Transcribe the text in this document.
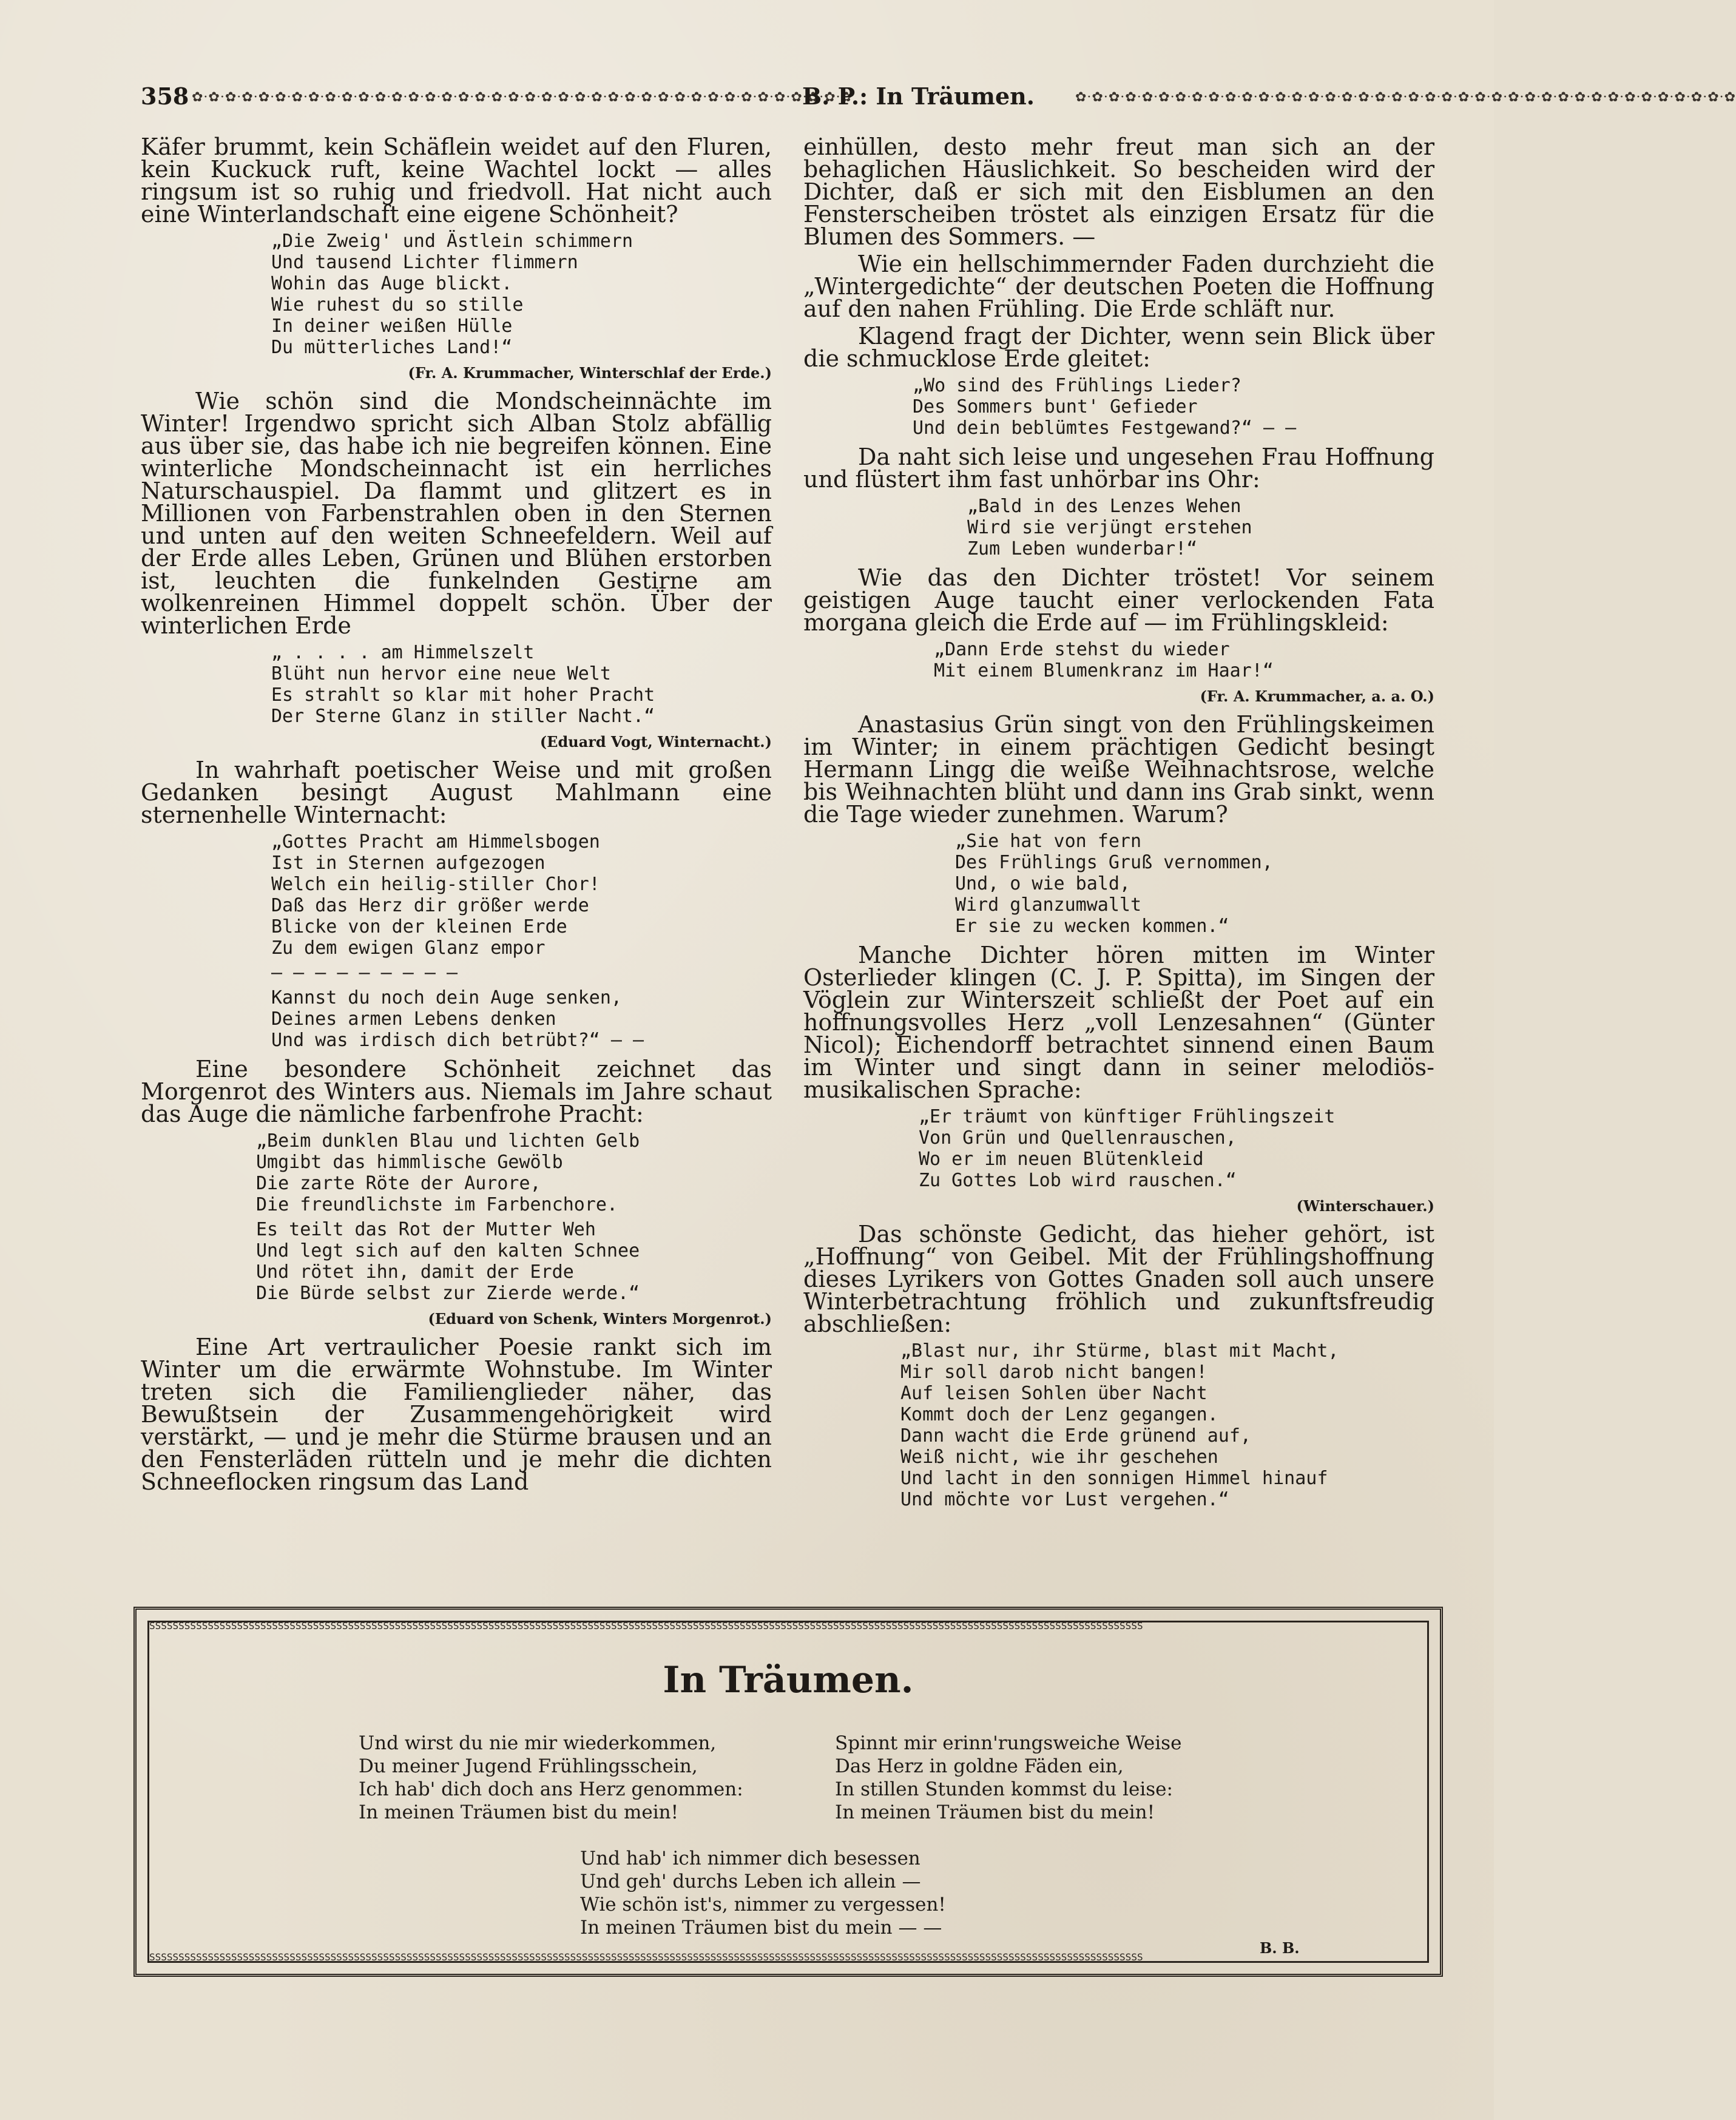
358 ✿·✿·✿·✿·✿·✿·✿·✿·✿·✿·✿·✿·✿·✿·✿·✿·✿·✿·✿·✿·✿·✿·✿·✿·✿·✿·✿·✿·✿·✿·✿·✿·✿·✿·✿·✿·✿·✿·✿·✿
B. P.: In Träumen.	✿·✿·✿·✿·✿·✿·✿·✿·✿·✿·✿·✿·✿·✿·✿·✿·✿·✿·✿·✿·✿·✿·✿·✿·✿·✿·✿·✿·✿·✿·✿·✿·✿·✿·✿·✿·✿·✿·✿·✿

Käfer brummt, kein Schäflein weidet auf den Fluren, kein Kuckuck ruft, keine Wachtel lockt — alles ringsum ist so ruhig und friedvoll. Hat nicht auch eine Winterlandschaft eine eigene Schönheit?

„Die Zweig' und Ästlein schimmern
Und tausend Lichter flimmern
Wohin das Auge blickt.
Wie ruhest du so stille
In deiner weißen Hülle
Du mütterliches Land!“
(Fr. A. Krummacher, Winterschlaf der Erde.)

Wie schön sind die Mondscheinnächte im Winter! Irgendwo spricht sich Alban Stolz abfällig aus über sie, das habe ich nie begreifen können. Eine winterliche Mondscheinnacht ist ein herrliches Naturschauspiel. Da flammt und glitzert es in Millionen von Farbenstrahlen oben in den Sternen und unten auf den weiten Schneefeldern. Weil auf der Erde alles Leben, Grünen und Blühen erstorben ist, leuchten die funkelnden Gestirne am wolkenreinen Himmel doppelt schön. Über der winterlichen Erde

„ . . . . am Himmelszelt
Blüht nun hervor eine neue Welt
Es strahlt so klar mit hoher Pracht
Der Sterne Glanz in stiller Nacht.“
(Eduard Vogt, Winternacht.)

In wahrhaft poetischer Weise und mit großen Gedanken besingt August Mahlmann eine sternenhelle Winternacht:

„Gottes Pracht am Himmelsbogen
Ist in Sternen aufgezogen
Welch ein heilig-stiller Chor!
Daß das Herz dir größer werde
Blicke von der kleinen Erde
Zu dem ewigen Glanz empor
— — — — — — — — —
Kannst du noch dein Auge senken,
Deines armen Lebens denken
Und was irdisch dich betrübt?“ — —

Eine besondere Schönheit zeichnet das Morgenrot des Winters aus. Niemals im Jahre schaut das Auge die nämliche farbenfrohe Pracht:

„Beim dunklen Blau und lichten Gelb
Umgibt das himmlische Gewölb
Die zarte Röte der Aurore,
Die freundlichste im Farbenchore.
Es teilt das Rot der Mutter Weh
Und legt sich auf den kalten Schnee
Und rötet ihn, damit der Erde
Die Bürde selbst zur Zierde werde.“
(Eduard von Schenk, Winters Morgenrot.)

Eine Art vertraulicher Poesie rankt sich im Winter um die erwärmte Wohnstube. Im Winter treten sich die Familienglieder näher, das Bewußtsein der Zusammengehörigkeit wird verstärkt, — und je mehr die Stürme brausen und an den Fensterläden rütteln und je mehr die dichten Schneeflocken ringsum das Land

einhüllen, desto mehr freut man sich an der behaglichen Häuslichkeit. So bescheiden wird der Dichter, daß er sich mit den Eisblumen an den Fensterscheiben tröstet als einzigen Ersatz für die Blumen des Sommers. —

Wie ein hellschimmernder Faden durchzieht die „Wintergedichte“ der deutschen Poeten die Hoffnung auf den nahen Frühling. Die Erde schläft nur.

Klagend fragt der Dichter, wenn sein Blick über die schmucklose Erde gleitet:

„Wo sind des Frühlings Lieder?
Des Sommers bunt' Gefieder
Und dein beblümtes Festgewand?“ — —

Da naht sich leise und ungesehen Frau Hoffnung und flüstert ihm fast unhörbar ins Ohr:

„Bald in des Lenzes Wehen
Wird sie verjüngt erstehen
Zum Leben wunderbar!“

Wie das den Dichter tröstet! Vor seinem geistigen Auge taucht einer verlockenden Fata morgana gleich die Erde auf — im Frühlingskleid:

„Dann Erde stehst du wieder
Mit einem Blumenkranz im Haar!“
(Fr. A. Krummacher, a. a. O.)

Anastasius Grün singt von den Frühlingskeimen im Winter; in einem prächtigen Gedicht besingt Hermann Lingg die weiße Weihnachtsrose, welche bis Weihnachten blüht und dann ins Grab sinkt, wenn die Tage wieder zunehmen. Warum?

„Sie hat von fern
Des Frühlings Gruß vernommen,
Und, o wie bald,
Wird glanzumwallt
Er sie zu wecken kommen.“

Manche Dichter hören mitten im Winter Osterlieder klingen (C. J. P. Spitta), im Singen der Vöglein zur Winterszeit schließt der Poet auf ein hoffnungsvolles Herz „voll Lenzesahnen“ (Günter Nicol); Eichendorff betrachtet sinnend einen Baum im Winter und singt dann in seiner melodiös-musikalischen Sprache:

„Er träumt von künftiger Frühlingszeit
Von Grün und Quellenrauschen,
Wo er im neuen Blütenkleid
Zu Gottes Lob wird rauschen.“
(Winterschauer.)

Das schönste Gedicht, das hieher gehört, ist „Hoffnung“ von Geibel. Mit der Frühlingshoffnung dieses Lyrikers von Gottes Gnaden soll auch unsere Winterbetrachtung fröhlich und zukunftsfreudig abschließen:

„Blast nur, ihr Stürme, blast mit Macht,
Mir soll darob nicht bangen!
Auf leisen Sohlen über Nacht
Kommt doch der Lenz gegangen.
Dann wacht die Erde grünend auf,
Weiß nicht, wie ihr geschehen
Und lacht in den sonnigen Himmel hinauf
Und möchte vor Lust vergehen.“
SSSSSSSSSSSSSSSSSSSSSSSSSSSSSSSSSSSSSSSSSSSSSSSSSSSSSSSSSSSSSSSSSSSSSSSSSSSSSSSSSSSSSSSSSSSSSSSSSSSSSSSSSSSSSSSSSSSSSSSSSSSSSSSSSSSSSSSSSSSSSSSSSSSSSSSSSSSSSSSSSSSSSSSSSS
SSSSSSSSSSSSSSSSSSSSSSSSSSSSSSSSSSSSSSSSSSSSSSSSSSSSSSSSSSSSSSSSSSSSSSSSSSSSSSSSSSSSSSSSSSSSSSSSSSSSSSSSSSSSSSSSSSSSSSSSSSSSSSSSSSSSSSSSSSSSSSSSSSSSSSSSSSSSSSSSSSSSSSSSSS
In Träumen.
Und wirst du nie mir wiederkommen,
Du meiner Jugend Frühlingsschein,
Ich hab' dich doch ans Herz genommen:
In meinen Träumen bist du mein!
Spinnt mir erinn'rungsweiche Weise
Das Herz in goldne Fäden ein,
In stillen Stunden kommst du leise:
In meinen Träumen bist du mein!
Und hab' ich nimmer dich besessen
Und geh' durchs Leben ich allein —
Wie schön ist's, nimmer zu vergessen!
In meinen Träumen bist du mein — —
B. B.
